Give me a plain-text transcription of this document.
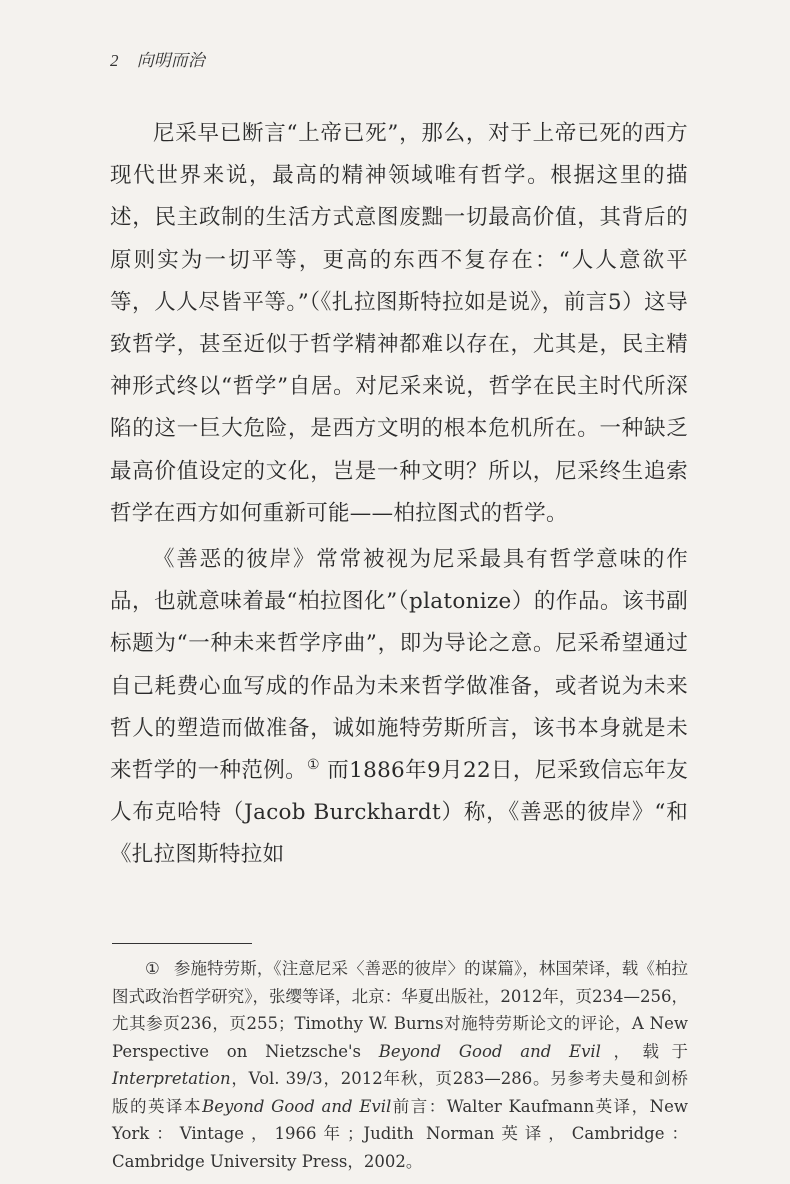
2 向明而治

尼采早已断言“上帝已死”，那么，对于上帝已死的西方现代世界来说，最高的精神领域唯有哲学。根据这里的描述，民主政制的生活方式意图废黜一切最高价值，其背后的原则实为一切平等，更高的东西不复存在：“人人意欲平等，人人尽皆平等。”（《扎拉图斯特拉如是说》，前言5）这导致哲学，甚至近似于哲学精神都难以存在，尤其是，民主精神形式终以“哲学”自居。对尼采来说，哲学在民主时代所深陷的这一巨大危险，是西方文明的根本危机所在。一种缺乏最高价值设定的文化，岂是一种文明？所以，尼采终生追索哲学在西方如何重新可能——柏拉图式的哲学。

《善恶的彼岸》常常被视为尼采最具有哲学意味的作品，也就意味着最“柏拉图化”（platonize）的作品。该书副标题为“一种未来哲学序曲”，即为导论之意。尼采希望通过自己耗费心血写成的作品为未来哲学做准备，或者说为未来哲人的塑造而做准备，诚如施特劳斯所言，该书本身就是未来哲学的一种范例。① 而1886年9月22日，尼采致信忘年友人布克哈特（Jacob Burckhardt）称，《善恶的彼岸》“和《扎拉图斯特拉如

① 参施特劳斯，《注意尼采〈善恶的彼岸〉的谋篇》，林国荣译，载《柏拉图式政治哲学研究》，张缨等译，北京：华夏出版社，2012年，页234—256，尤其参页236，页255；Timothy W. Burns对施特劳斯论文的评论，A New Perspective on Nietzsche's Beyond Good and Evil，载于Interpretation，Vol. 39/3，2012年秋，页283—286。另参考夫曼和剑桥版的英译本Beyond Good and Evil前言：Walter Kaufmann英译，New York：Vintage，1966年；Judith Norman英译，Cambridge：Cambridge University Press，2002。
